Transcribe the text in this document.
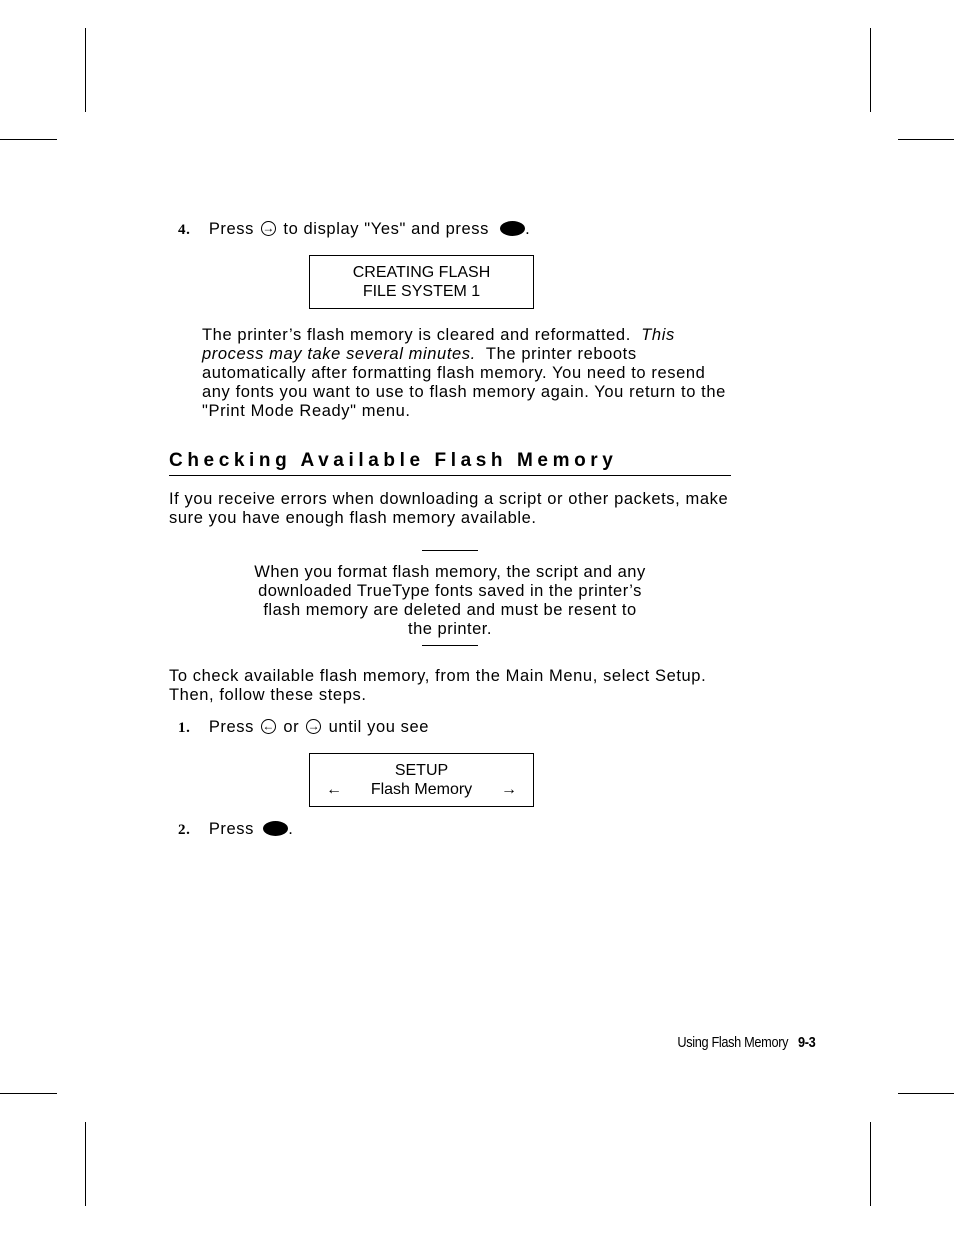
4. Press → to display "Yes" and press .
CREATING FLASH
FILE SYSTEM 1
The printer’s flash memory is cleared and reformatted. This process may take several minutes. The printer reboots automatically after formatting flash memory. You need to resend any fonts you want to use to flash memory again. You return to the "Print Mode Ready" menu.
Checking Available Flash Memory
If you receive errors when downloading a script or other packets, make sure you have enough flash memory available.
When you format flash memory, the script and any downloaded TrueType fonts saved in the printer’s flash memory are deleted and must be resent to the printer.
To check available flash memory, from the Main Menu, select Setup. Then, follow these steps.
1. Press ← or → until you see
SETUP
← Flash Memory →
2. Press .
Using Flash Memory 9-3
